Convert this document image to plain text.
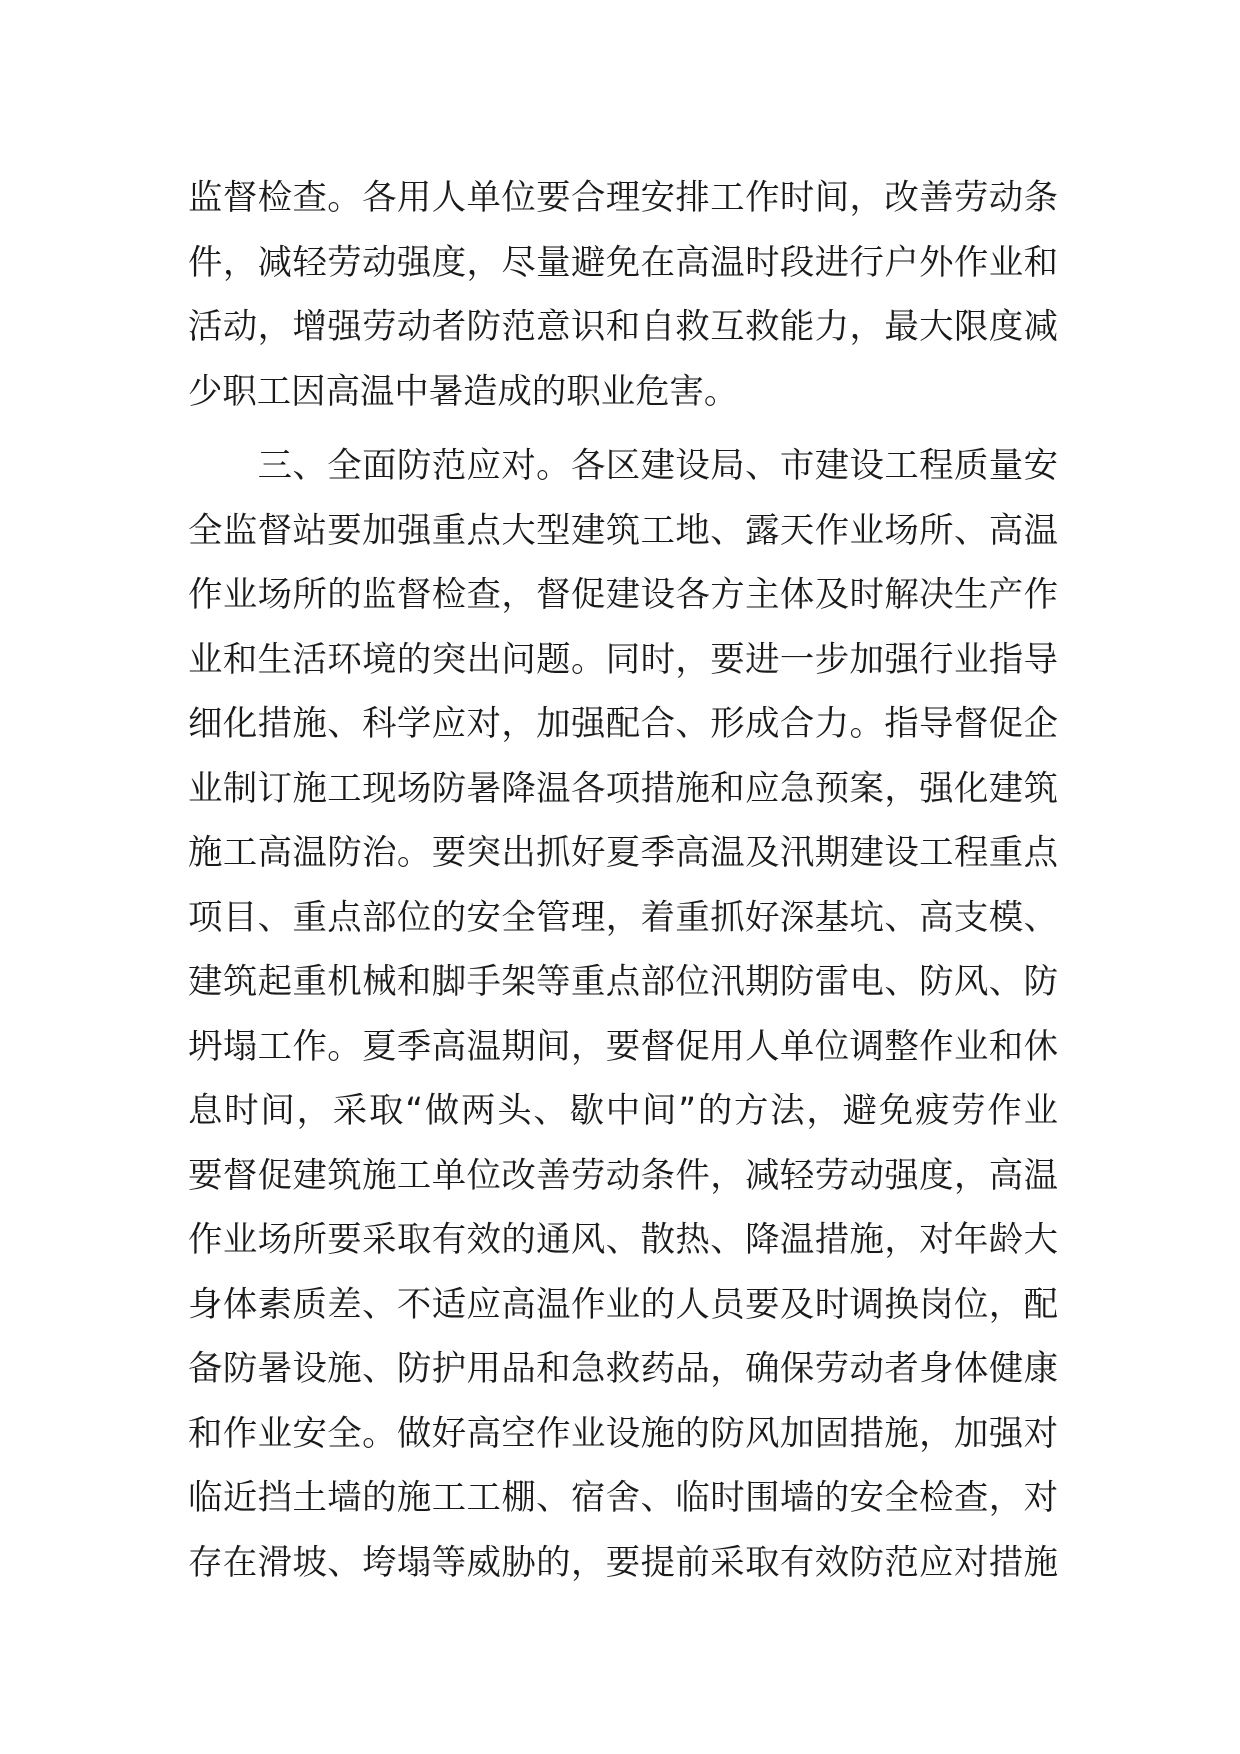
监督检查。各用人单位要合理安排工作时间，改善劳动条
件，减轻劳动强度，尽量避免在高温时段进行户外作业和
活动，增强劳动者防范意识和自救互救能力，最大限度减
少职工因高温中暑造成的职业危害。
　　三、全面防范应对。各区建设局、市建设工程质量安
全监督站要加强重点大型建筑工地、露天作业场所、高温
作业场所的监督检查，督促建设各方主体及时解决生产作
业和生活环境的突出问题。同时，要进一步加强行业指导
细化措施、科学应对，加强配合、形成合力。指导督促企
业制订施工现场防暑降温各项措施和应急预案，强化建筑
施工高温防治。要突出抓好夏季高温及汛期建设工程重点
项目、重点部位的安全管理，着重抓好深基坑、高支模、
建筑起重机械和脚手架等重点部位汛期防雷电、防风、防
坍塌工作。夏季高温期间，要督促用人单位调整作业和休
息时间，采取“做两头、歇中间”的方法，避免疲劳作业
要督促建筑施工单位改善劳动条件，减轻劳动强度，高温
作业场所要采取有效的通风、散热、降温措施，对年龄大
身体素质差、不适应高温作业的人员要及时调换岗位，配
备防暑设施、防护用品和急救药品，确保劳动者身体健康
和作业安全。做好高空作业设施的防风加固措施，加强对
临近挡土墙的施工工棚、宿舍、临时围墙的安全检查，对
存在滑坡、垮塌等威胁的，要提前采取有效防范应对措施
